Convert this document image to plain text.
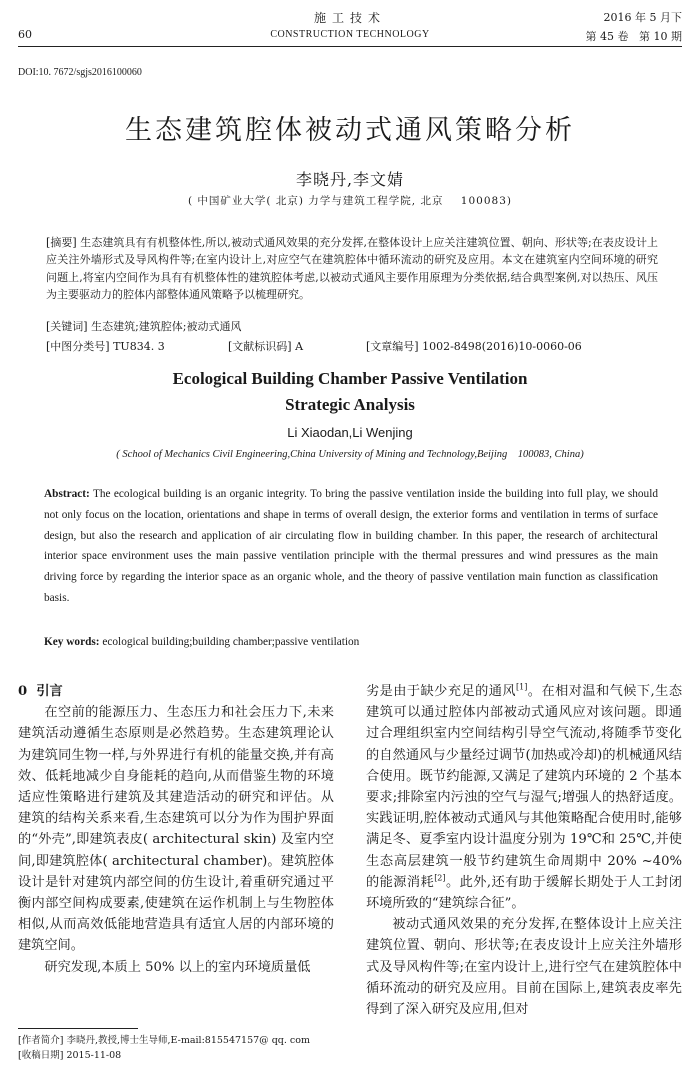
60
施工技术
CONSTRUCTION TECHNOLOGY
2016 年 5 月下
第 45 卷   第 10 期
DOI:10. 7672/sgjs2016100060
生态建筑腔体被动式通风策略分析
李晓丹,李文婧
( 中国矿业大学( 北京) 力学与建筑工程学院, 北京    100083)
[摘要] 生态建筑具有有机整体性,所以,被动式通风效果的充分发挥,在整体设计上应关注建筑位置、朝向、形状等;在表皮设计上应关注外墙形式及导风构件等;在室内设计上,对应空气在建筑腔体中循环流动的研究及应用。本文在建筑室内空间环境的研究问题上,将室内空间作为具有有机整体性的建筑腔体考虑,以被动式通风主要作用原理为分类依据,结合典型案例,对以热压、风压为主要驱动力的腔体内部整体通风策略予以梳理研究。
[关键词] 生态建筑;建筑腔体;被动式通风
[中图分类号] TU834. 3	[文献标识码] A	[文章编号] 1002-8498(2016)10-0060-06
Ecological Building Chamber Passive Ventilation
Strategic Analysis
Li Xiaodan,Li Wenjing
( School of Mechanics Civil Engineering,China University of Mining and Technology,Beijing    100083, China)
Abstract: The ecological building is an organic integrity. To bring the passive ventilation inside the building into full play, we should not only focus on the location, orientations and shape in terms of overall design, the exterior forms and ventilation in terms of surface design, but also the research and application of air circulating flow in building chamber. In this paper, the research of architectural interior space environment uses the main passive ventilation principle with the thermal pressures and wind pressures as the main driving force by regarding the interior space as an organic whole, and the theory of passive ventilation main function as classification basis.
Key words: ecological building;building chamber;passive ventilation
0  引言
在空前的能源压力、生态压力和社会压力下,未来建筑活动遵循生态原则是必然趋势。生态建筑理论认为建筑同生物一样,与外界进行有机的能量交换,并有高效、低耗地减少自身能耗的趋向,从而借鉴生物的环境适应性策略进行建筑及其建造活动的研究和评估。从建筑的结构关系来看,生态建筑可以分为作为围护界面的“外壳”,即建筑表皮( architectural skin) 及室内空间,即建筑腔体( architectural chamber)。建筑腔体设计是针对建筑内部空间的仿生设计,着重研究通过平衡内部空间构成要素,使建筑在运作机制上与生物腔体相似,从而高效低能地营造具有适宜人居的内部环境的建筑空间。
研究发现,本质上 50% 以上的室内环境质量低
劣是由于缺少充足的通风[1]。在相对温和气候下,生态建筑可以通过腔体内部被动式通风应对该问题。即通过合理组织室内空间结构引导空气流动,将随季节变化的自然通风与少量经过调节(加热或冷却)的机械通风结合使用。既节约能源,又满足了建筑内环境的 2 个基本要求;排除室内污浊的空气与湿气;增强人的热舒适度。实践证明,腔体被动式通风与其他策略配合使用时,能够满足冬、夏季室内设计温度分别为 19℃和 25℃,并使生态高层建筑一般节约建筑生命周期中 20% ~40% 的能源消耗[2]。此外,还有助于缓解长期处于人工封闭环境所致的“建筑综合征”。
被动式通风效果的充分发挥,在整体设计上应关注建筑位置、朝向、形状等;在表皮设计上应关注外墙形式及导风构件等;在室内设计上,进行空气在建筑腔体中循环流动的研究及应用。目前在国际上,建筑表皮率先得到了深入研究及应用,但对
[作者简介] 李晓丹,教授,博士生导师,E-mail:815547157@ qq. com
[收稿日期] 2015-11-08
